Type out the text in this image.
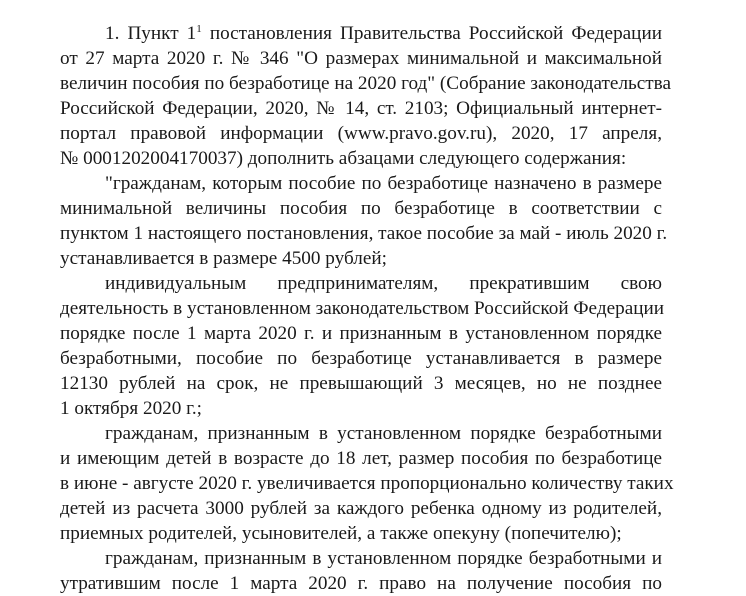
1. Пункт $1^1$ постановления Правительства Российской Федерации
от 27 марта 2020 г. № 346 "О размерах минимальной и максимальной
величин пособия по безработице на 2020 год" (Собрание законодательства
Российской Федерации, 2020, № 14, ст. 2103; Официальный интернет-
портал правовой информации (www.pravo.gov.ru), 2020, 17 апреля,
№ 0001202004170037) дополнить абзацами следующего содержания:
"гражданам, которым пособие по безработице назначено в размере
минимальной величины пособия по безработице в соответствии с
пунктом 1 настоящего постановления, такое пособие за май - июль 2020 г.
устанавливается в размере 4500 рублей;
индивидуальным предпринимателям, прекратившим свою
деятельность в установленном законодательством Российской Федерации
порядке после 1 марта 2020 г. и признанным в установленном порядке
безработными, пособие по безработице устанавливается в размере
12130 рублей на срок, не превышающий 3 месяцев, но не позднее
1 октября 2020 г.;
гражданам, признанным в установленном порядке безработными
и имеющим детей в возрасте до 18 лет, размер пособия по безработице
в июне - августе 2020 г. увеличивается пропорционально количеству таких
детей из расчета 3000 рублей за каждого ребенка одному из родителей,
приемных родителей, усыновителей, а также опекуну (попечителю);
гражданам, признанным в установленном порядке безработными и
утратившим после 1 марта 2020 г. право на получение пособия по
